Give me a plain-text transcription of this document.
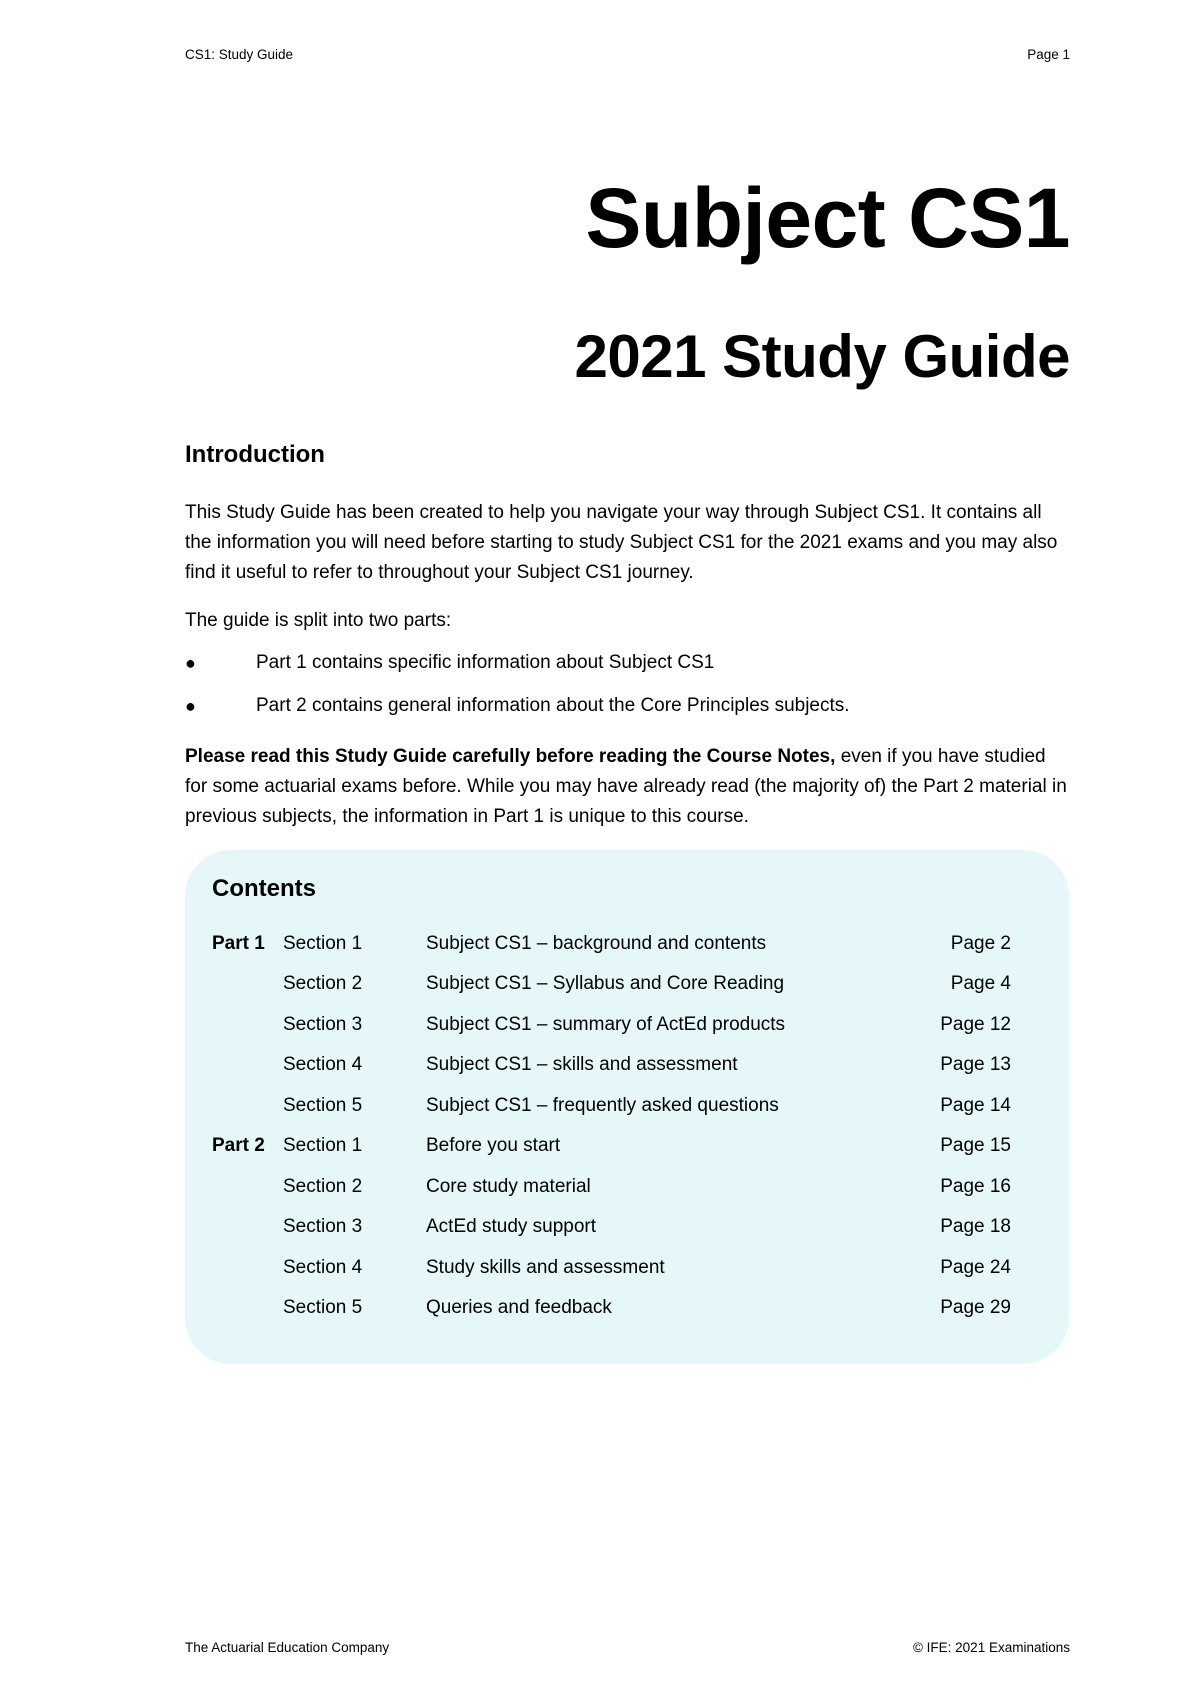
CS1: Study Guide	Page 1
Subject CS1
2021 Study Guide
Introduction
This Study Guide has been created to help you navigate your way through Subject CS1. It contains all the information you will need before starting to study Subject CS1 for the 2021 exams and you may also find it useful to refer to throughout your Subject CS1 journey.
The guide is split into two parts:
●	Part 1 contains specific information about Subject CS1
●	Part 2 contains general information about the Core Principles subjects.
Please read this Study Guide carefully before reading the Course Notes, even if you have studied for some actuarial exams before. While you may have already read (the majority of) the Part 2 material in previous subjects, the information in Part 1 is unique to this course.
Contents
Part 1 Section 1	Subject CS1 – background and contents	Page 2
Section 2	Subject CS1 – Syllabus and Core Reading	Page 4
Section 3	Subject CS1 – summary of ActEd products	Page 12
Section 4	Subject CS1 – skills and assessment	Page 13
Section 5	Subject CS1 – frequently asked questions	Page 14
Part 2 Section 1	Before you start	Page 15
Section 2	Core study material	Page 16
Section 3	ActEd study support	Page 18
Section 4	Study skills and assessment	Page 24
Section 5	Queries and feedback	Page 29
The Actuarial Education Company	© IFE: 2021 Examinations
